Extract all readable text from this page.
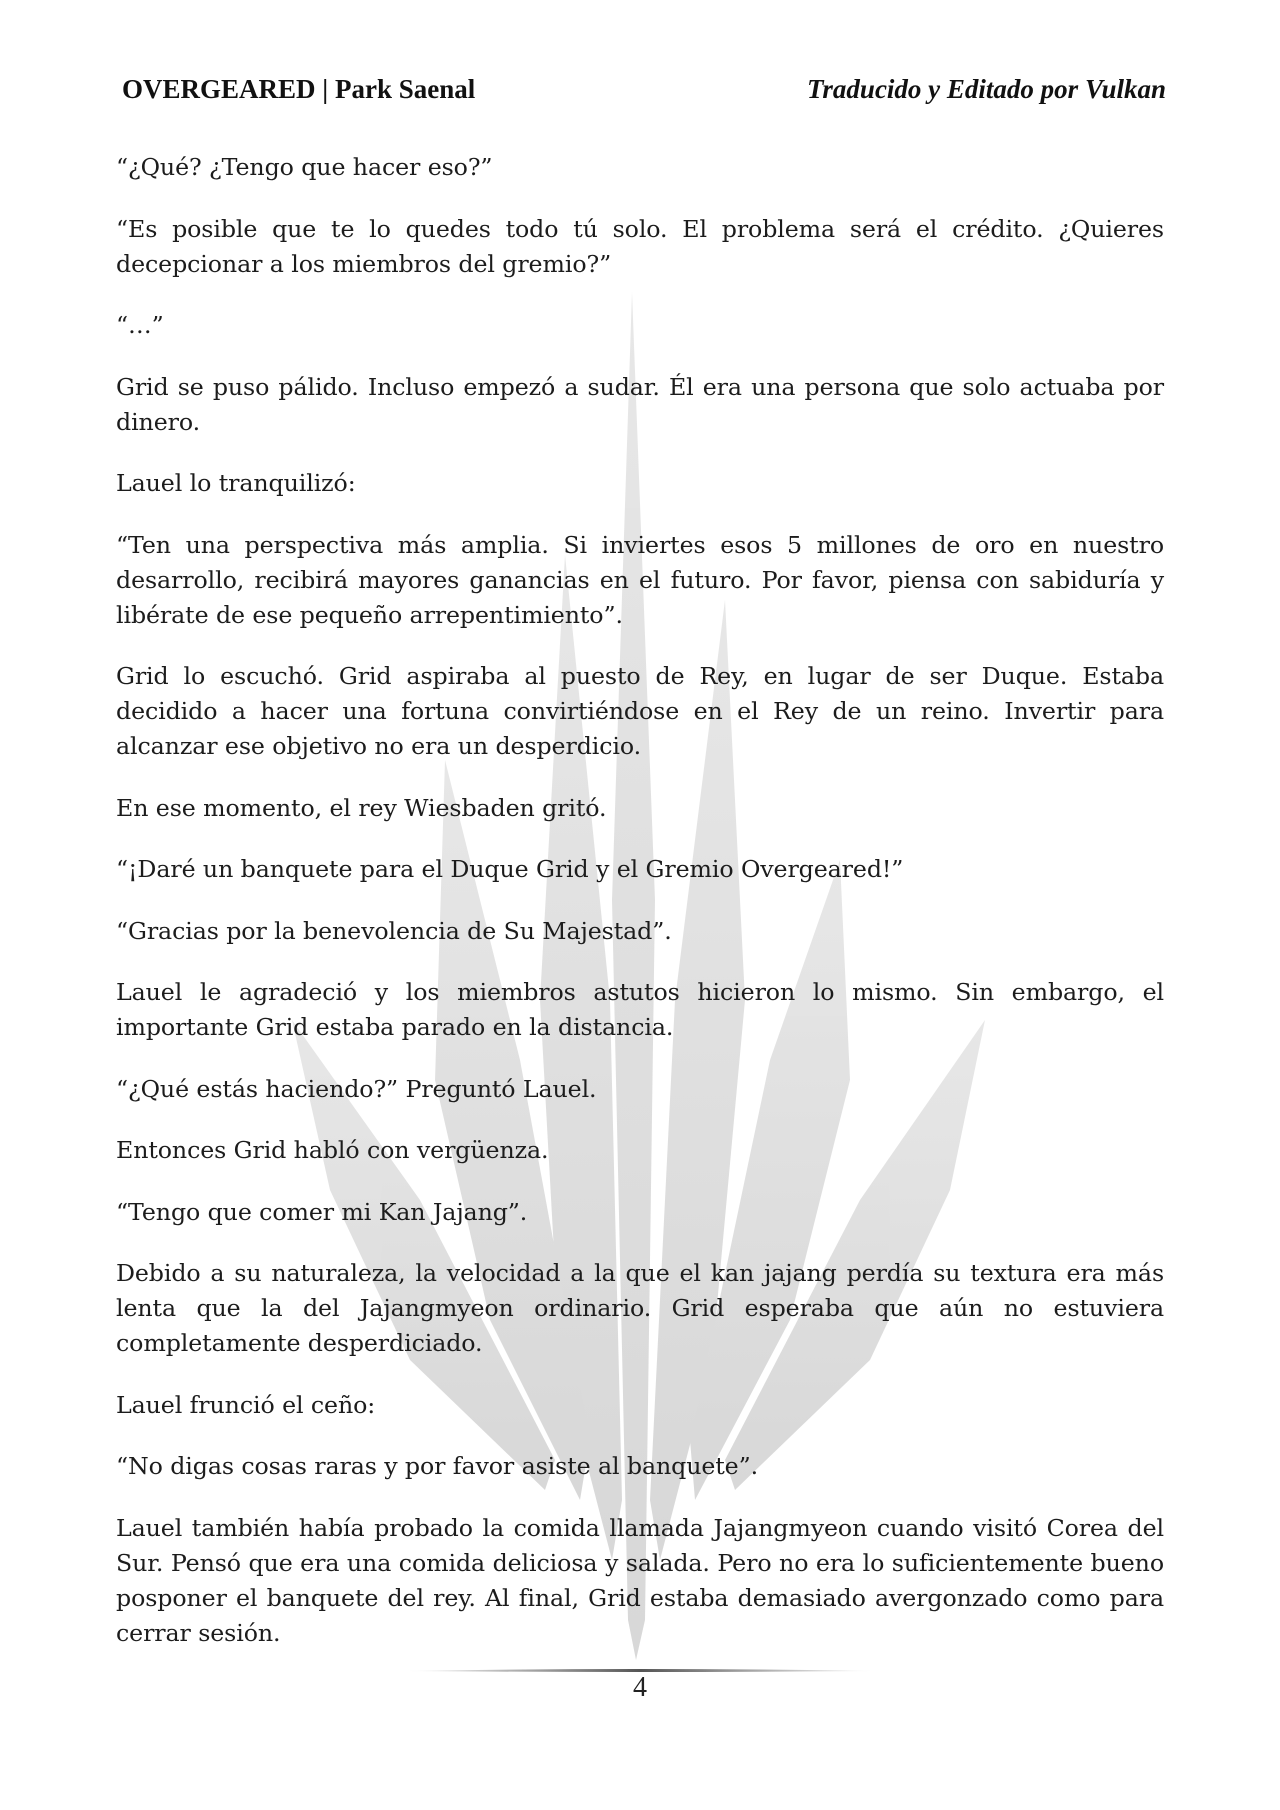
OVERGEARED | Park Saenal	Traducido y Editado por Vulkan

“¿Qué? ¿Tengo que hacer eso?”

“Es posible que te lo quedes todo tú solo. El problema será el crédito. ¿Quieres decepcionar a los miembros del gremio?”

“…”

Grid se puso pálido. Incluso empezó a sudar. Él era una persona que solo actuaba por dinero.

Lauel lo tranquilizó:

“Ten una perspectiva más amplia. Si inviertes esos 5 millones de oro en nuestro desarrollo, recibirá mayores ganancias en el futuro. Por favor, piensa con sabiduría y libérate de ese pequeño arrepentimiento”.

Grid lo escuchó. Grid aspiraba al puesto de Rey, en lugar de ser Duque. Estaba decidido a hacer una fortuna convirtiéndose en el Rey de un reino. Invertir para alcanzar ese objetivo no era un desperdicio.

En ese momento, el rey Wiesbaden gritó.

“¡Daré un banquete para el Duque Grid y el Gremio Overgeared!”

“Gracias por la benevolencia de Su Majestad”.

Lauel le agradeció y los miembros astutos hicieron lo mismo. Sin embargo, el importante Grid estaba parado en la distancia.

“¿Qué estás haciendo?” Preguntó Lauel.

Entonces Grid habló con vergüenza.

“Tengo que comer mi Kan Jajang”.

Debido a su naturaleza, la velocidad a la que el kan jajang perdía su textura era más lenta que la del Jajangmyeon ordinario. Grid esperaba que aún no estuviera completamente desperdiciado.

Lauel frunció el ceño:

“No digas cosas raras y por favor asiste al banquete”.

Lauel también había probado la comida llamada Jajangmyeon cuando visitó Corea del Sur. Pensó que era una comida deliciosa y salada. Pero no era lo suficientemente bueno posponer el banquete del rey. Al final, Grid estaba demasiado avergonzado como para cerrar sesión.

4
